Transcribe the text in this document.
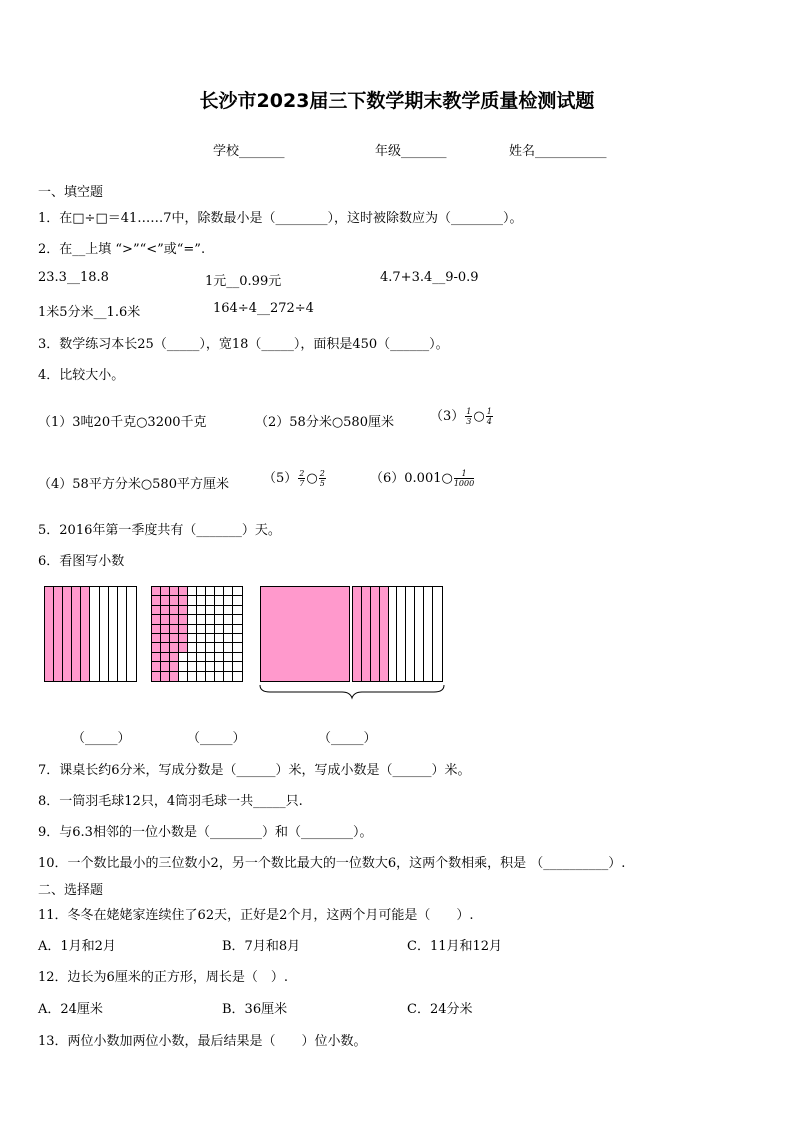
长沙市2023届三下数学期末教学质量检测试题
学校_______	年级_______	姓名___________
一、填空题
1．在□÷□＝41……7中，除数最小是（________），这时被除数应为（________）。
2．在__上填 “>”“<”或“=”.
23.3__18.8	1元__0.99元	4.7+3.4__9-0.9
1米5分米__1.6米	164÷4__272÷4
3．数学练习本长25（_____），宽18（_____），面积是450（______）。
4．比较大小。
（1）3吨20千克○3200千克	（2）58分米○580厘米	$(3) \frac{1}{3}$ ○ $\frac{1}{4}$
（4）58平方分米○580平方厘米	$(5) \frac{2}{7}$ ○ $\frac{2}{5}$	（6）0.001○ $\frac{1}{1000}$
5．2016年第一季度共有（_______）天。
6．看图写小数
（_____）	（_____）	（_____）
7．课桌长约6分米，写成分数是（______）米，写成小数是（______）米。
8．一筒羽毛球12只，4筒羽毛球一共_____只.
9．与6.3相邻的一位小数是（________）和（________）。
10．一个数比最小的三位数小2，另一个数比最大的一位数大6，这两个数相乘，积是 （__________）.
二、选择题
11．冬冬在姥姥家连续住了62天，正好是2个月，这两个月可能是（　　）.
A．1月和2月	B．7月和8月	C．11月和12月
12．边长为6厘米的正方形，周长是（　）.
A．24厘米	B．36厘米	C．24分米
13．两位小数加两位小数，最后结果是（　　）位小数。
